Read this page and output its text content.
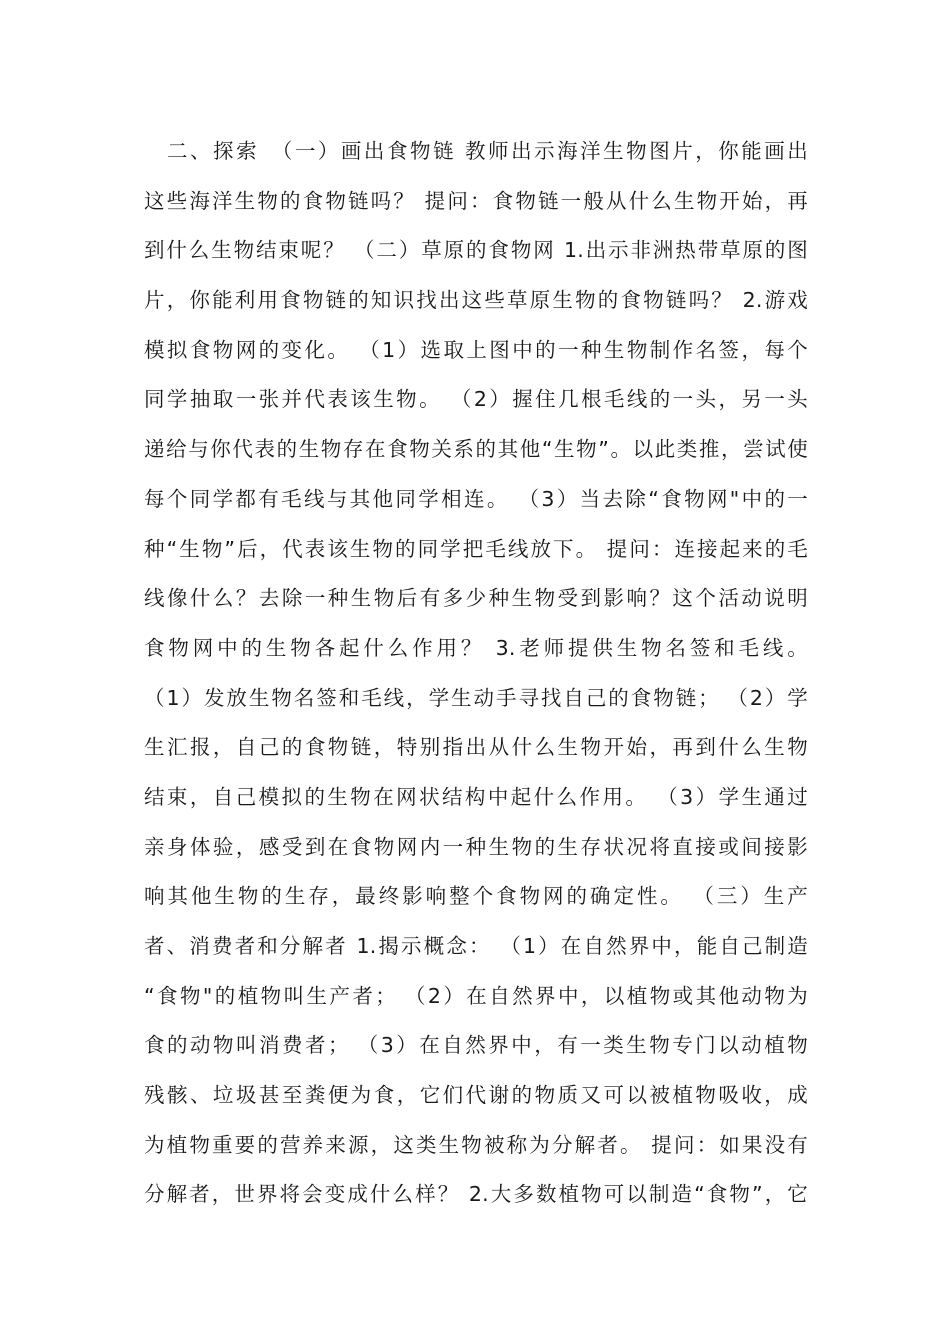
　二、探索　（一）画出食物链 教师出示海洋生物图片，你能画出
这些海洋生物的食物链吗？ 提问：食物链一般从什么生物开始，再
到什么生物结束呢？ （二）草原的食物网 1.出示非洲热带草原的图
片，你能利用食物链的知识找出这些草原生物的食物链吗？ 2.游戏
模拟食物网的变化。 （1）选取上图中的一种生物制作名签，每个
同学抽取一张并代表该生物。 （2）握住几根毛线的一头，另一头
递给与你代表的生物存在食物关系的其他“生物”。以此类推，尝试使
每个同学都有毛线与其他同学相连。 （3）当去除“食物网"中的一
种“生物”后，代表该生物的同学把毛线放下。 提问：连接起来的毛
线像什么？去除一种生物后有多少种生物受到影响？这个活动说明
食物网中的生物各起什么作用？ 3.老师提供生物名签和毛线。
（1）发放生物名签和毛线，学生动手寻找自己的食物链； （2）学
生汇报，自己的食物链，特别指出从什么生物开始，再到什么生物
结束，自己模拟的生物在网状结构中起什么作用。 （3）学生通过
亲身体验，感受到在食物网内一种生物的生存状况将直接或间接影
响其他生物的生存，最终影响整个食物网的确定性。 （三）生产
者、消费者和分解者 1.揭示概念： （1）在自然界中，能自己制造
“食物"的植物叫生产者； （2）在自然界中，以植物或其他动物为
食的动物叫消费者； （3）在自然界中，有一类生物专门以动植物
残骸、垃圾甚至粪便为食，它们代谢的物质又可以被植物吸收，成
为植物重要的营养来源，这类生物被称为分解者。 提问：如果没有
分解者，世界将会变成什么样？ 2.大多数植物可以制造“食物”，它
